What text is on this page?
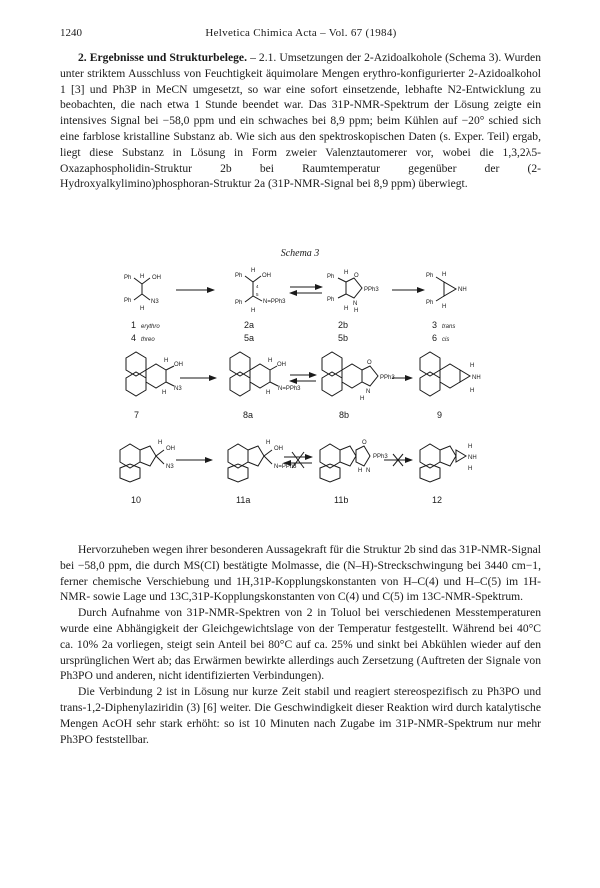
1240	Helvetica Chimica Acta – Vol. 67 (1984)
2. Ergebnisse und Strukturbelege. – 2.1. Umsetzungen der 2-Azidoalkohole (Schema 3). Wurden unter striktem Ausschluss von Feuchtigkeit äquimolare Mengen erythro-konfigurierter 2-Azidoalkohol 1 [3] und Ph3P in MeCN umgesetzt, so war eine sofort einsetzende, lebhafte N2-Entwicklung zu beobachten, die nach etwa 1 Stunde beendet war. Das 31P-NMR-Spektrum der Lösung zeigte ein intensives Signal bei −58,0 ppm und ein schwaches bei 8,9 ppm; beim Kühlen auf −20° schied sich eine farblose kristalline Substanz ab. Wie sich aus den spektroskopischen Daten (s. Exper. Teil) ergab, liegt diese Substanz in Lösung in Form zweier Valenztautomerer vor, wobei die 1,3,2λ5-Oxazaphospholidin-Struktur 2b bei Raumtemperatur gegenüber der (2-Hydroxyalkylimino)phosphoran-Struktur 2a (31P-NMR-Signal bei 8,9 ppm) überwiegt.
Schema 3
Ph H OH
Ph	N3
H
Ph
H
OH
Ph	N=PPh3
H
4
5
Ph
H O
PPh3
Ph
N
H H
Ph H
NH
Ph
H
OH
H
N3
H
OH
H
N=PPh3
H
O
PPh3
N
H
H
NH
H
OH
H
N3
OH
H
N=PPh3
O
PPh3
H N
H
NH
H
1 erythro	2a	2b	3 trans
4 threo	5a	5b	6 cis
7	8a	8b	9
10	11a	11b	12
Hervorzuheben wegen ihrer besonderen Aussagekraft für die Struktur 2b sind das 31P-NMR-Signal bei −58,0 ppm, die durch MS(CI) bestätigte Molmasse, die (N–H)-Streckschwingung bei 3440 cm−1, ferner chemische Verschiebung und 1H,31P-Kopplungskonstanten von H–C(4) und H–C(5) im 1H-NMR- sowie Lage und 13C,31P-Kopplungskonstanten von C(4) und C(5) im 13C-NMR-Spektrum.
Durch Aufnahme von 31P-NMR-Spektren von 2 in Toluol bei verschiedenen Messtemperaturen wurde eine Abhängigkeit der Gleichgewichtslage von der Temperatur festgestellt. Während bei 40°C ca. 10% 2a vorliegen, steigt sein Anteil bei 80°C auf ca. 25% und sinkt bei Abkühlen wieder auf den ursprünglichen Wert ab; das Erwärmen bewirkte allerdings auch Zersetzung (Auftreten der Signale von Ph3PO und anderen, nicht identifizierten Verbindungen).
Die Verbindung 2 ist in Lösung nur kurze Zeit stabil und reagiert stereospezifisch zu Ph3PO und trans-1,2-Diphenylaziridin (3) [6] weiter. Die Geschwindigkeit dieser Reaktion wird durch katalytische Mengen AcOH sehr stark erhöht: so ist 10 Minuten nach Zugabe im 31P-NMR-Spektrum nur mehr Ph3PO feststellbar.
